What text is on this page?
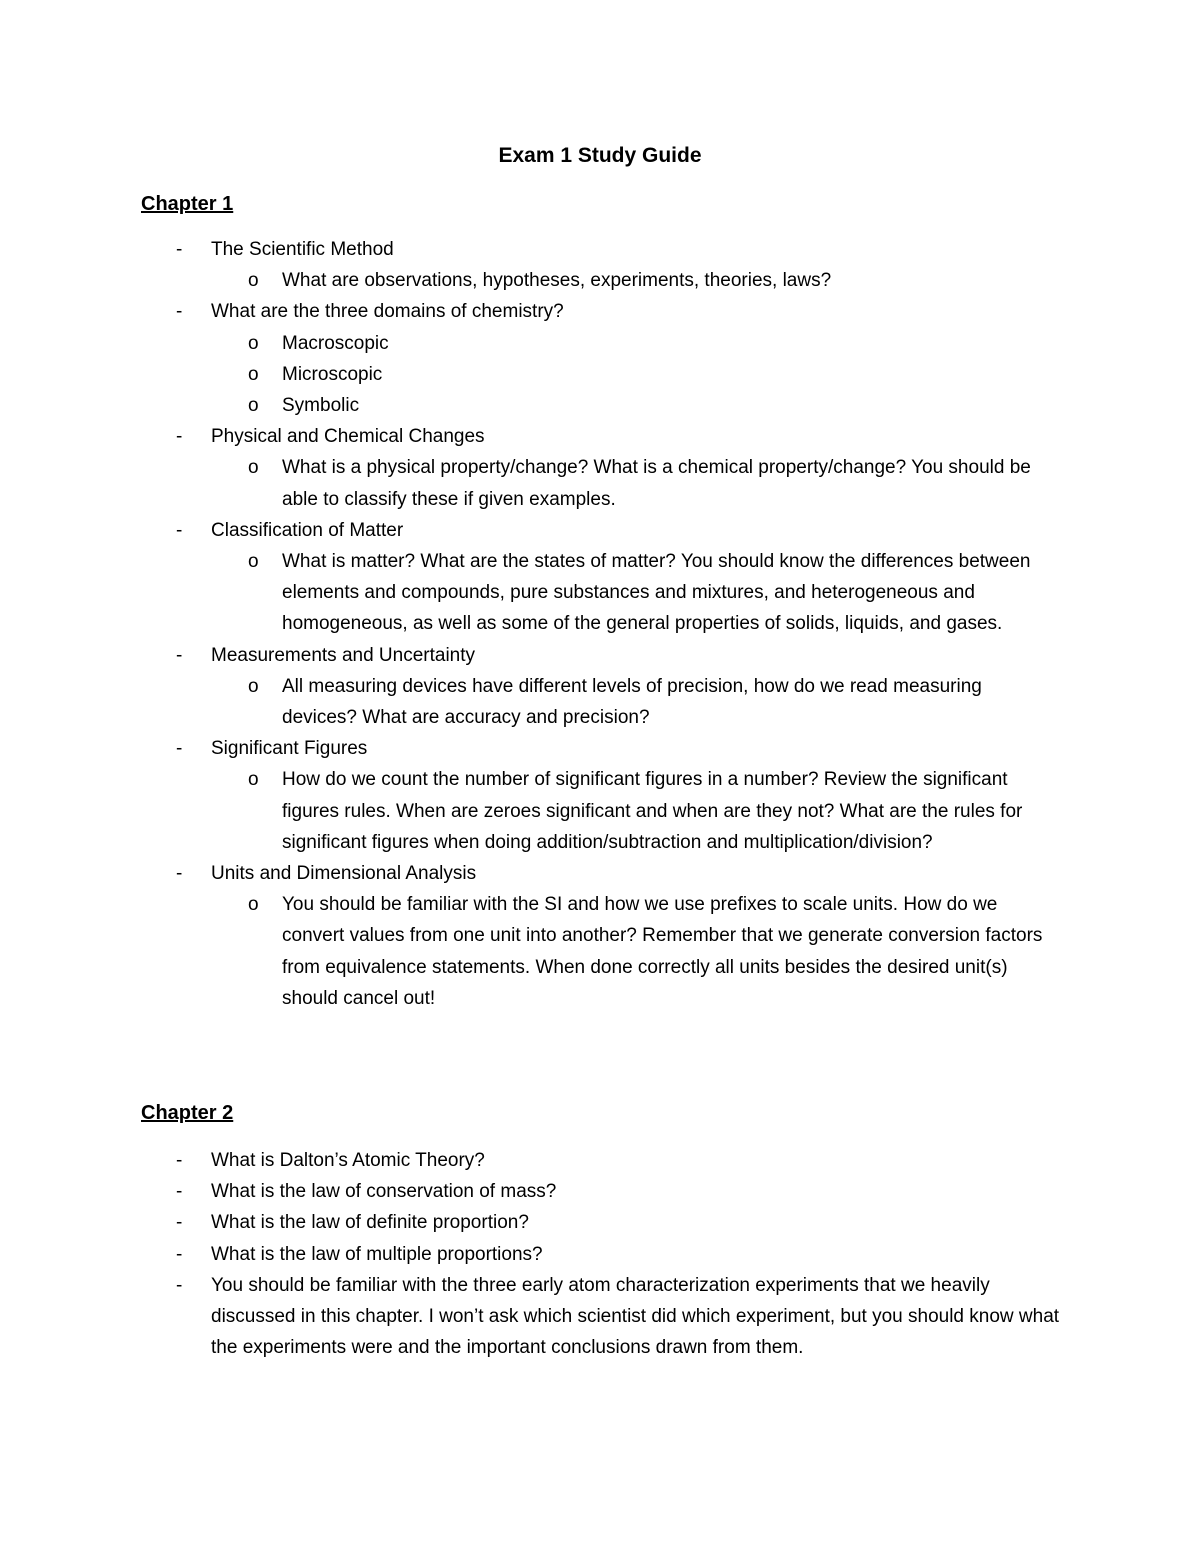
Exam 1 Study Guide
Chapter 1
- The Scientific Method
o What are observations, hypotheses, experiments, theories, laws?
- What are the three domains of chemistry?
o Macroscopic
o Microscopic
o Symbolic
- Physical and Chemical Changes
o What is a physical property/change? What is a chemical property/change? You should be able to classify these if given examples.
- Classification of Matter
o What is matter? What are the states of matter? You should know the differences between elements and compounds, pure substances and mixtures, and heterogeneous and homogeneous, as well as some of the general properties of solids, liquids, and gases.
- Measurements and Uncertainty
o All measuring devices have different levels of precision, how do we read measuring devices? What are accuracy and precision?
- Significant Figures
o How do we count the number of significant figures in a number? Review the significant figures rules. When are zeroes significant and when are they not? What are the rules for significant figures when doing addition/subtraction and multiplication/division?
- Units and Dimensional Analysis
o You should be familiar with the SI and how we use prefixes to scale units. How do we convert values from one unit into another? Remember that we generate conversion factors from equivalence statements. When done correctly all units besides the desired unit(s) should cancel out!
Chapter 2
- What is Dalton’s Atomic Theory?
- What is the law of conservation of mass?
- What is the law of definite proportion?
- What is the law of multiple proportions?
- You should be familiar with the three early atom characterization experiments that we heavily discussed in this chapter. I won’t ask which scientist did which experiment, but you should know what the experiments were and the important conclusions drawn from them.
